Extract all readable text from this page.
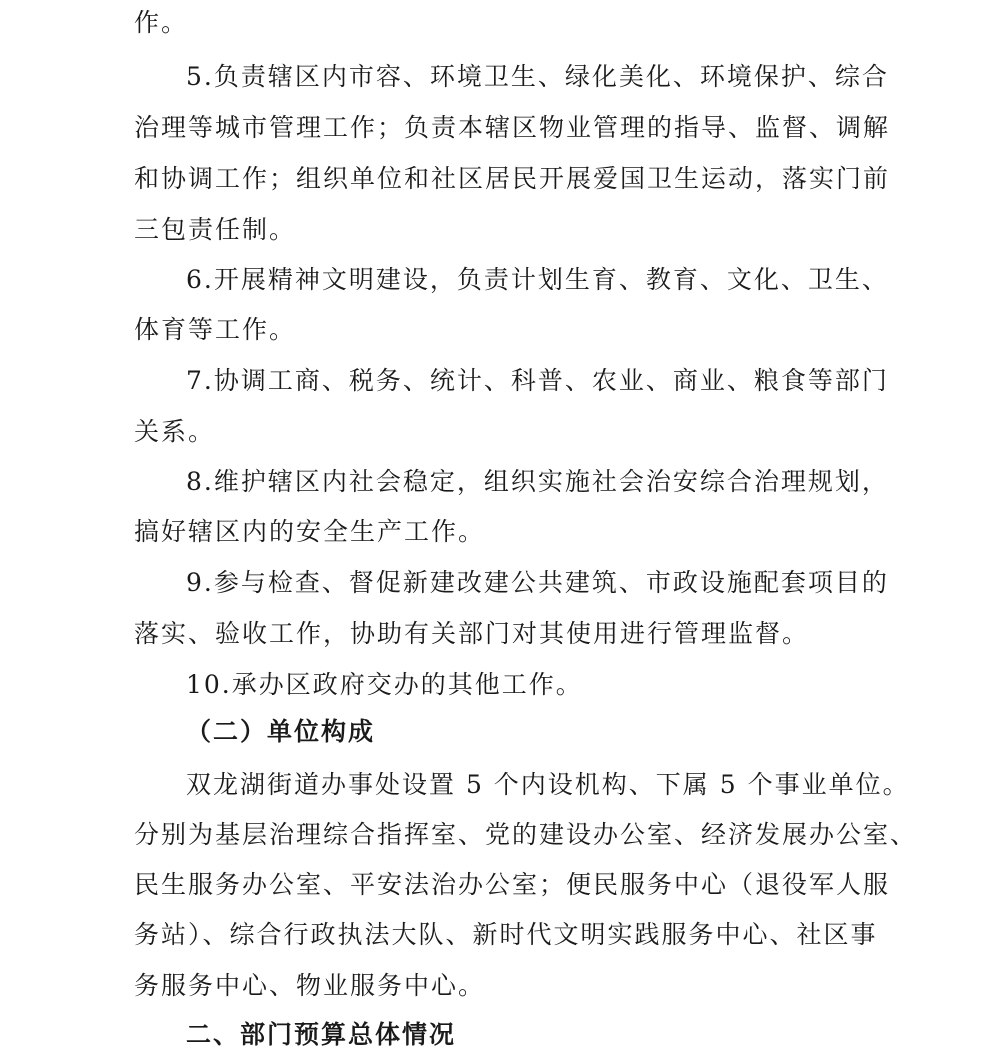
作。
5.负责辖区内市容、环境卫生、绿化美化、环境保护、综合
治理等城市管理工作；负责本辖区物业管理的指导、监督、调解
和协调工作；组织单位和社区居民开展爱国卫生运动，落实门前
三包责任制。
6.开展精神文明建设，负责计划生育、教育、文化、卫生、
体育等工作。
7.协调工商、税务、统计、科普、农业、商业、粮食等部门
关系。
8.维护辖区内社会稳定，组织实施社会治安综合治理规划，
搞好辖区内的安全生产工作。
9.参与检查、督促新建改建公共建筑、市政设施配套项目的
落实、验收工作，协助有关部门对其使用进行管理监督。
10.承办区政府交办的其他工作。
（二）单位构成
双龙湖街道办事处设置 5 个内设机构、下属 5 个事业单位。
分别为基层治理综合指挥室、党的建设办公室、经济发展办公室、
民生服务办公室、平安法治办公室；便民服务中心（退役军人服
务站）、综合行政执法大队、新时代文明实践服务中心、社区事
务服务中心、物业服务中心。
二、部门预算总体情况
